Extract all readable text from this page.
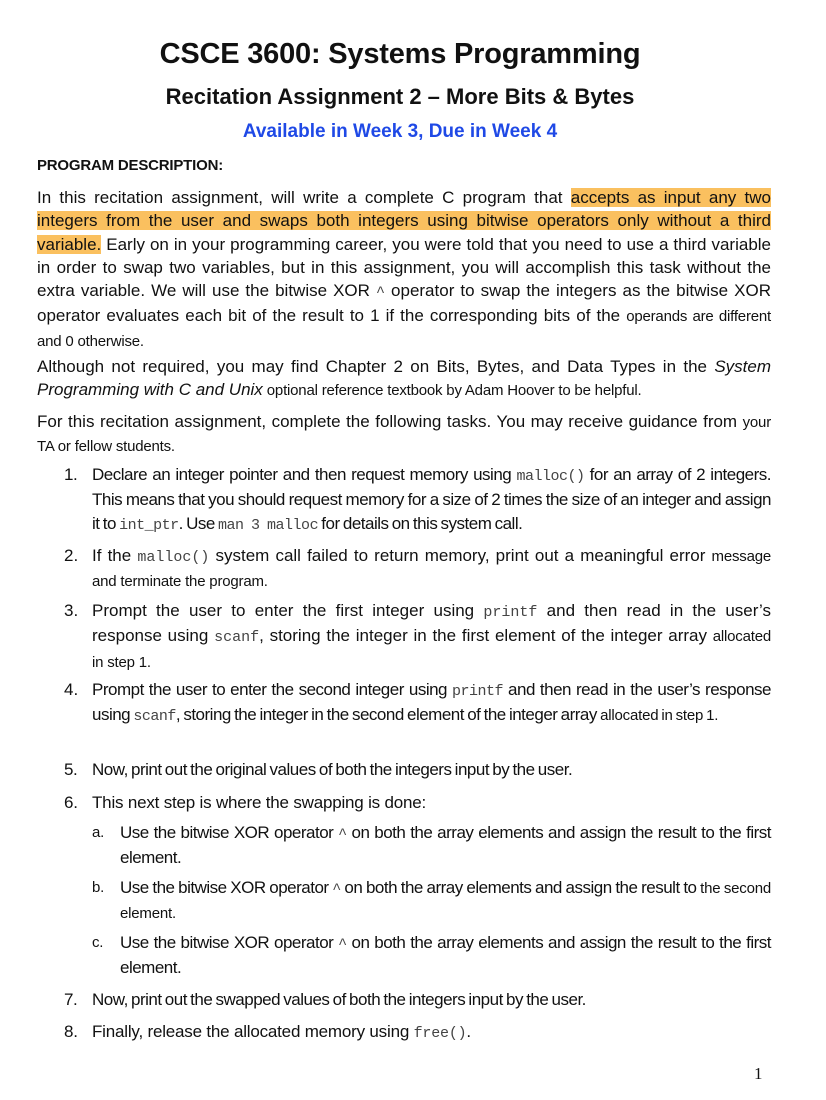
CSCE 3600: Systems Programming
Recitation Assignment 2 – More Bits & Bytes
Available in Week 3, Due in Week 4
PROGRAM DESCRIPTION:
In this recitation assignment, will write a complete C program that accepts as input any two integers from the user and swaps both integers using bitwise operators only without a third variable. Early on in your programming career, you were told that you need to use a third variable in order to swap two variables, but in this assignment, you will accomplish this task without the extra variable. We will use the bitwise XOR ^ operator to swap the integers as the bitwise XOR operator evaluates each bit of the result to 1 if the corresponding bits of the operands are different and 0 otherwise.
Although not required, you may find Chapter 2 on Bits, Bytes, and Data Types in the System Programming with C and Unix optional reference textbook by Adam Hoover to be helpful.
For this recitation assignment, complete the following tasks. You may receive guidance from your TA or fellow students.
1. Declare an integer pointer and then request memory using malloc() for an array of 2 integers. This means that you should request memory for a size of 2 times the size of an integer and assign it to int_ptr. Use man 3 malloc for details on this system call.
2. If the malloc() system call failed to return memory, print out a meaningful error message and terminate the program.
3. Prompt the user to enter the first integer using printf and then read in the user’s response using scanf, storing the integer in the first element of the integer array allocated in step 1.
4. Prompt the user to enter the second integer using printf and then read in the user’s response using scanf, storing the integer in the second element of the integer array allocated in step 1.
5. Now, print out the original values of both the integers input by the user.
6. This next step is where the swapping is done:
a. Use the bitwise XOR operator ^ on both the array elements and assign the result to the first element.
b. Use the bitwise XOR operator ^ on both the array elements and assign the result to the second element.
c. Use the bitwise XOR operator ^ on both the array elements and assign the result to the first element.
7. Now, print out the swapped values of both the integers input by the user.
8. Finally, release the allocated memory using free().
1
